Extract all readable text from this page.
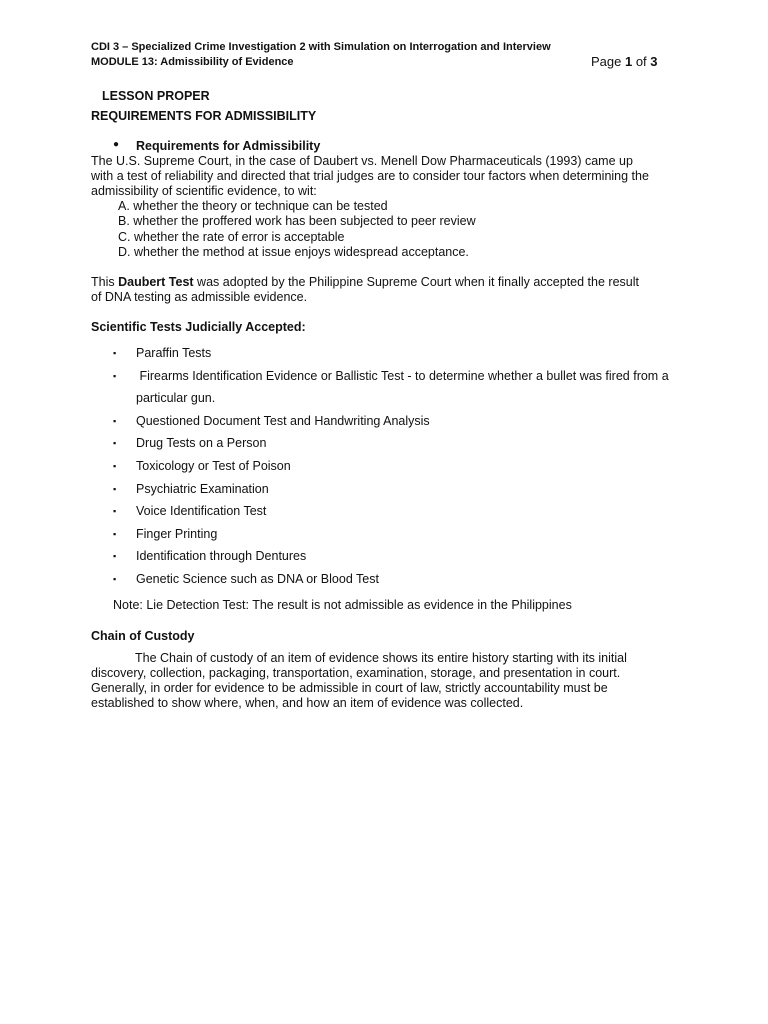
CDI 3 – Specialized Crime Investigation 2 with Simulation on Interrogation and Interview
MODULE 13: Admissibility of Evidence	Page 1 of 3
LESSON PROPER
REQUIREMENTS FOR ADMISSIBILITY
● Requirements for Admissibility
The U.S. Supreme Court, in the case of Daubert vs. Menell Dow Pharmaceuticals (1993) came up with a test of reliability and directed that trial judges are to consider tour factors when determining the admissibility of scientific evidence, to wit:
A. whether the theory or technique can be tested
B. whether the proffered work has been subjected to peer review
C. whether the rate of error is acceptable
D. whether the method at issue enjoys widespread acceptance.
This Daubert Test was adopted by the Philippine Supreme Court when it finally accepted the result of DNA testing as admissible evidence.
Scientific Tests Judicially Accepted:
▪ Paraffin Tests
▪ Firearms Identification Evidence or Ballistic Test - to determine whether a bullet was fired from a particular gun.
▪ Questioned Document Test and Handwriting Analysis
▪ Drug Tests on a Person
▪ Toxicology or Test of Poison
▪ Psychiatric Examination
▪ Voice Identification Test
▪ Finger Printing
▪ Identification through Dentures
▪ Genetic Science such as DNA or Blood Test
Note: Lie Detection Test: The result is not admissible as evidence in the Philippines
Chain of Custody
The Chain of custody of an item of evidence shows its entire history starting with its initial discovery, collection, packaging, transportation, examination, storage, and presentation in court. Generally, in order for evidence to be admissible in court of law, strictly accountability must be established to show where, when, and how an item of evidence was collected.
